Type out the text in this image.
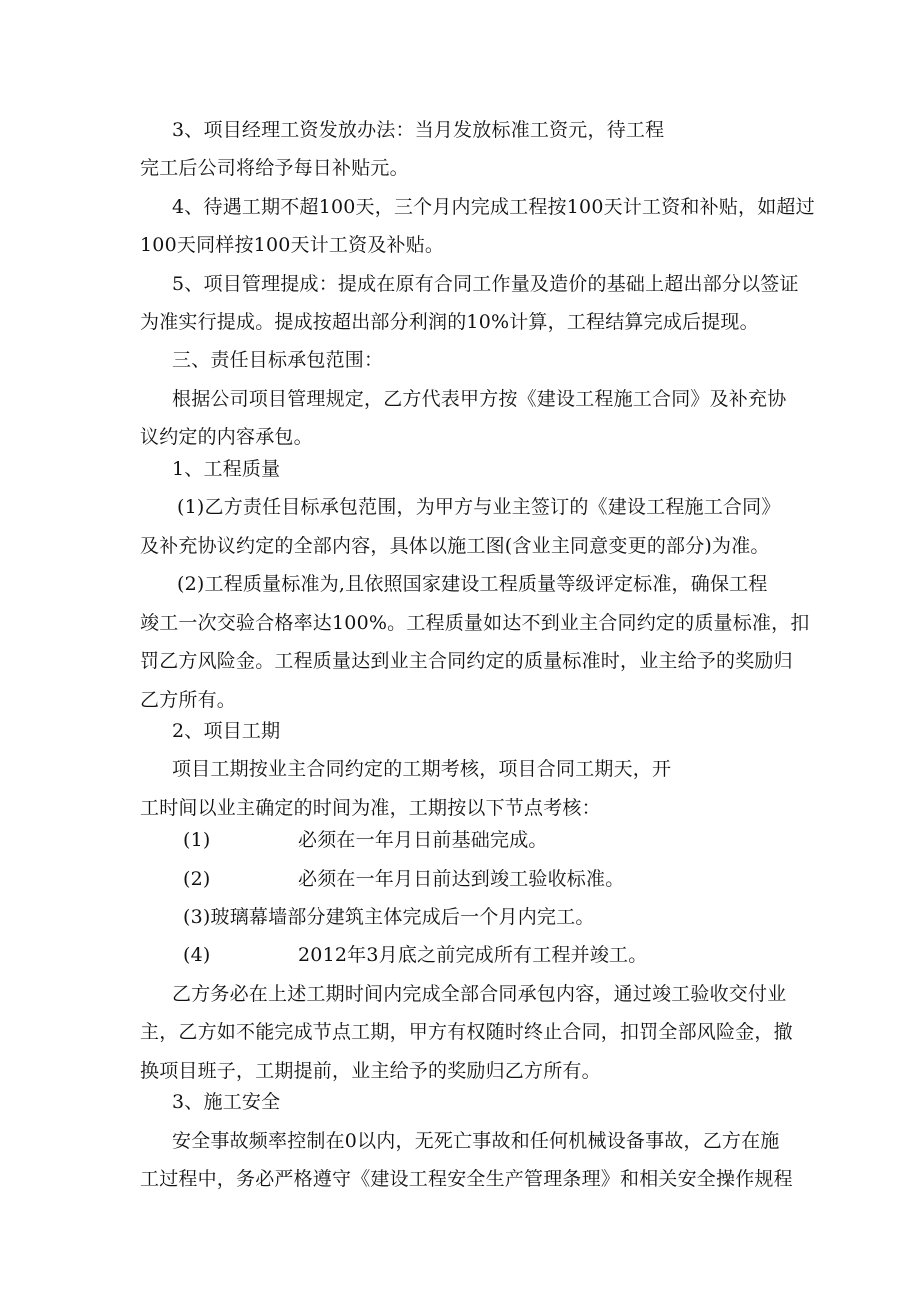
3、项目经理工资发放办法：当月发放标准工资元，待工程
完工后公司将给予每日补贴元。
4、待遇工期不超100天，三个月内完成工程按100天计工资和补贴，如超过
100天同样按100天计工资及补贴。
5、项目管理提成：提成在原有合同工作量及造价的基础上超出部分以签证
为准实行提成。提成按超出部分利润的10%计算，工程结算完成后提现。
三、责任目标承包范围：
根据公司项目管理规定，乙方代表甲方按《建设工程施工合同》及补充协
议约定的内容承包。
1、工程质量
(1)乙方责任目标承包范围，为甲方与业主签订的《建设工程施工合同》
及补充协议约定的全部内容，具体以施工图(含业主同意变更的部分)为准。
(2)工程质量标准为,且依照国家建设工程质量等级评定标准，确保工程
竣工一次交验合格率达100%。工程质量如达不到业主合同约定的质量标准，扣
罚乙方风险金。工程质量达到业主合同约定的质量标准时，业主给予的奖励归
乙方所有。
2、项目工期
项目工期按业主合同约定的工期考核，项目合同工期天，开
工时间以业主确定的时间为准，工期按以下节点考核：
(1)	必须在一年月日前基础完成。
(2)	必须在一年月日前达到竣工验收标准。
(3)玻璃幕墙部分建筑主体完成后一个月内完工。
(4)	2012年3月底之前完成所有工程并竣工。
乙方务必在上述工期时间内完成全部合同承包内容，通过竣工验收交付业
主，乙方如不能完成节点工期，甲方有权随时终止合同，扣罚全部风险金，撤
换项目班子，工期提前，业主给予的奖励归乙方所有。
3、施工安全
安全事故频率控制在0以内，无死亡事故和任何机械设备事故，乙方在施
工过程中，务必严格遵守《建设工程安全生产管理条理》和相关安全操作规程
